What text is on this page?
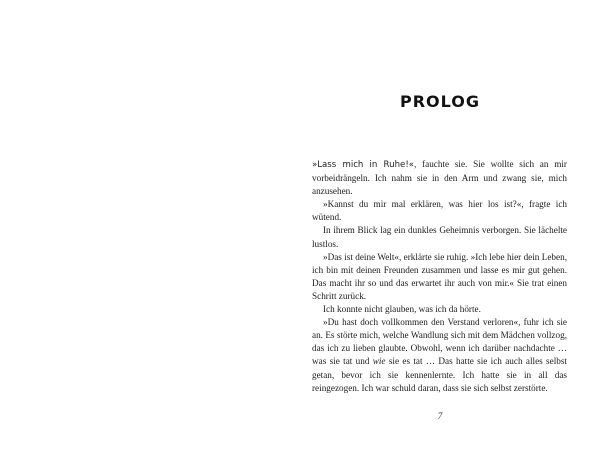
PROLOG

»Lass mich in Ruhe!«, fauchte sie. Sie wollte sich an mir vorbeidrängeln. Ich nahm sie in den Arm und zwang sie, mich anzusehen.

»Kannst du mir mal erklären, was hier los ist?«, fragte ich wütend.

In ihrem Blick lag ein dunkles Geheimnis verborgen. Sie lächelte lustlos.

»Das ist deine Welt«, erklärte sie ruhig. »Ich lebe hier dein Leben, ich bin mit deinen Freunden zusammen und lasse es mir gut gehen. Das macht ihr so und das erwartet ihr auch von mir.« Sie trat einen Schritt zurück.

Ich konnte nicht glauben, was ich da hörte.

»Du hast doch vollkommen den Verstand verloren«, fuhr ich sie an. Es störte mich, welche Wandlung sich mit dem Mädchen vollzog, das ich zu lieben glaubte. Obwohl, wenn ich darüber nachdachte … was sie tat und wie sie es tat … Das hatte sie ich auch alles selbst getan, bevor ich sie kennenlernte. Ich hatte sie in all das reingezogen. Ich war schuld daran, dass sie sich selbst zerstörte.

7
